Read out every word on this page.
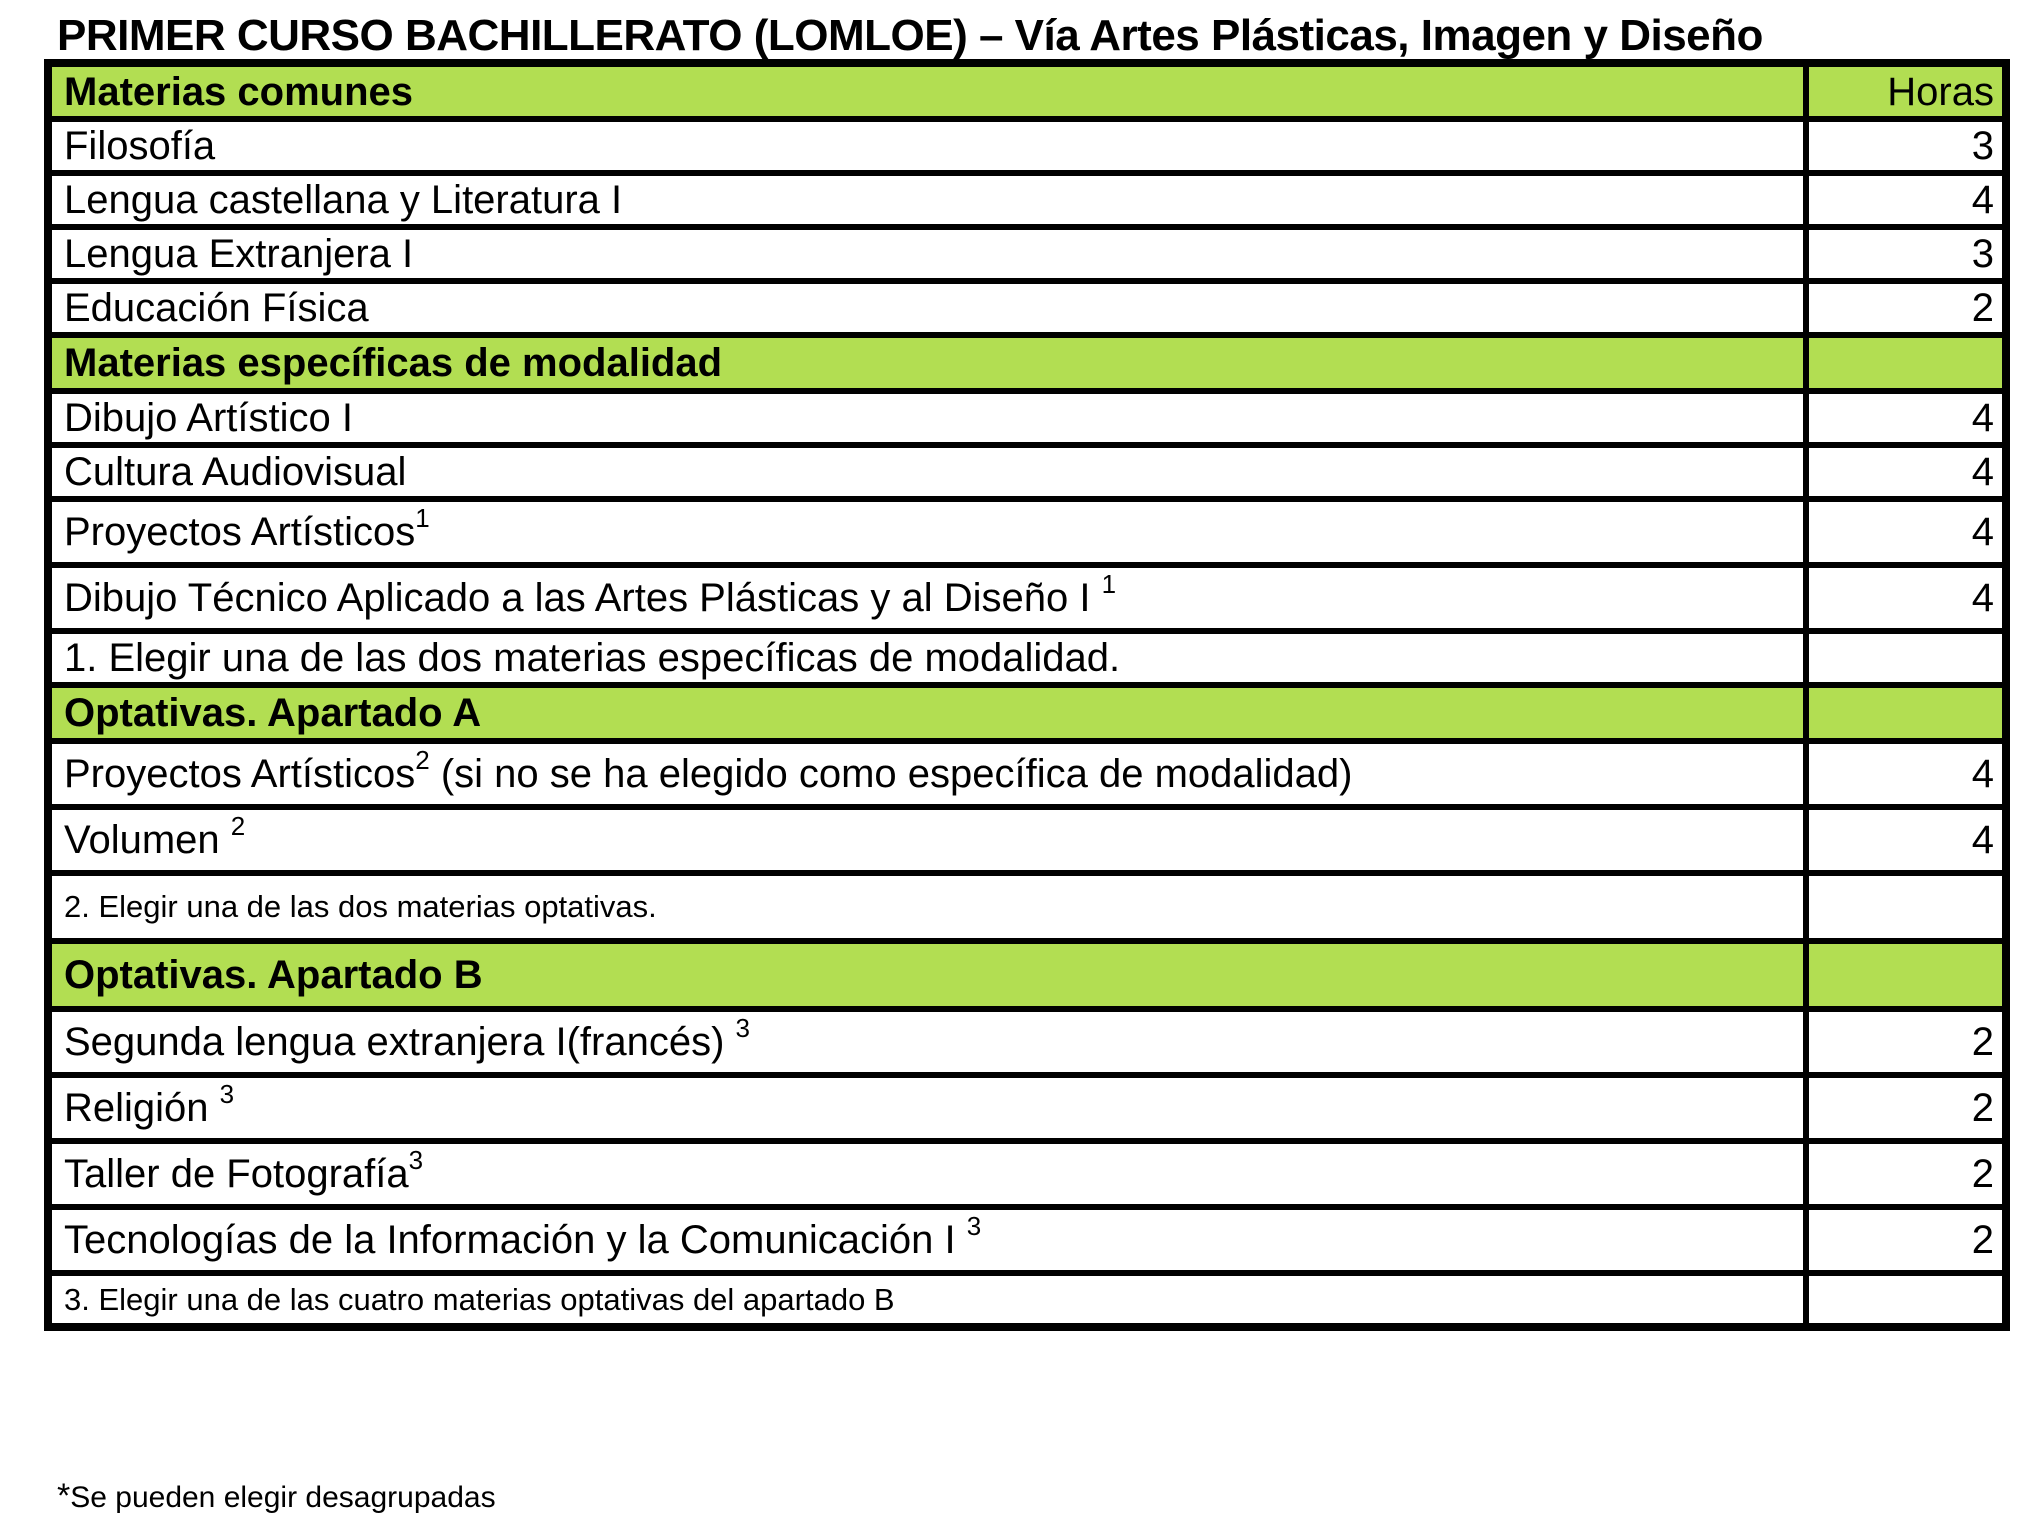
PRIMER CURSO BACHILLERATO (LOMLOE) – Vía Artes Plásticas, Imagen y Diseño
Materias comunes	Horas
Filosofía	3
Lengua castellana y Literatura I	4
Lengua Extranjera I	3
Educación Física	2
Materias específicas de modalidad	
Dibujo Artístico I	4
Cultura Audiovisual	4
Proyectos Artísticos$^1$	4
Dibujo Técnico Aplicado a las Artes Plásticas y al Diseño I $^1$	4
1. Elegir una de las dos materias específicas de modalidad.	
Optativas. Apartado A	
Proyectos Artísticos$^2$ (si no se ha elegido como específica de modalidad)	4
Volumen $^2$	4
2. Elegir una de las dos materias optativas.	
Optativas. Apartado B	
Segunda lengua extranjera I(francés) $^3$	2
Religión $^3$	2
Taller de Fotografía$^3$	2
Tecnologías de la Información y la Comunicación I $^3$	2
3. Elegir una de las cuatro materias optativas del apartado B	
*Se pueden elegir desagrupadas
